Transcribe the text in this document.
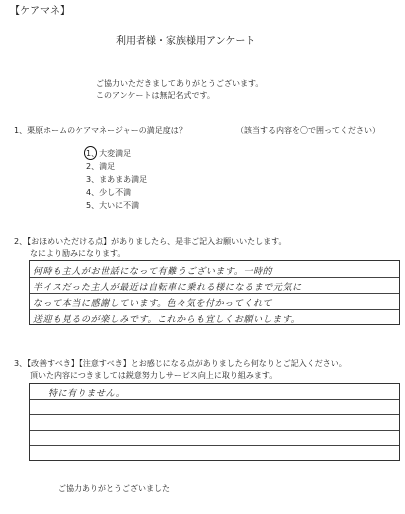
【ケアマネ】
利用者様・家族様用アンケート
ご協力いただきましてありがとうございます。
このアンケートは無記名式です。
1、栗原ホームのケアマネージャーの満足度は？	（該当する内容を〇で囲ってください）
1、大変満足
2、満足
3、まあまあ満足
4、少し不満
5、大いに不満
2、【おほめいただける点】がありましたら、是非ご記入お願いいたします。
なにより励みになります。
何時も主人がお世話になって有難うございます。一時的
半イスだった主人が最近は自転車に乗れる様になるまで元気に
なって本当に感謝しています。色々気を付かってくれて
送迎も見るのが楽しみです。これからも宜しくお願いします。
3、【改善すべき】【注意すべき】とお感じになる点がありましたら何なりとご記入ください。
頂いた内容につきましては鋭意努力しサービス向上に取り組みます。
特に有りません。
ご協力ありがとうございました
